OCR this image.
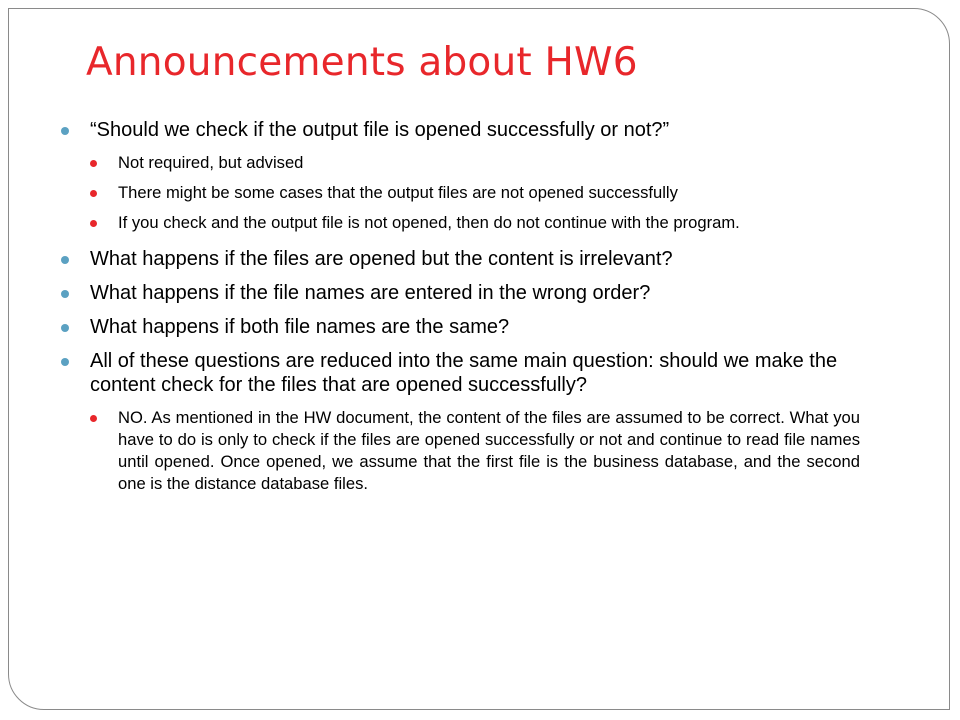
Announcements about HW6
“Should we check if the output file is opened successfully or not?”
Not required, but advised
There might be some cases that the output files are not opened successfully
If you check and the output file is not opened, then do not continue with the program.
What happens if the files are opened but the content is irrelevant?
What happens if the file names are entered in the wrong order?
What happens if both file names are the same?
All of these questions are reduced into the same main question: should we make the content check for the files that are opened successfully?
NO. As mentioned in the HW document, the content of the files are assumed to be correct. What you have to do is only to check if the files are opened successfully or not and continue to read file names until opened. Once opened, we assume that the first file is the business database, and the second one is the distance database files.
